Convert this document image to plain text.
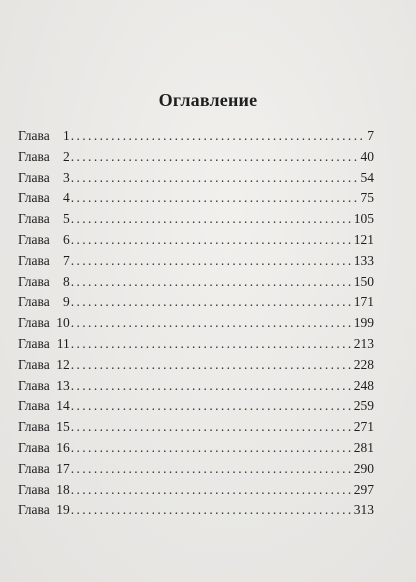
Оглавление
Глава 1 .....	7
Глава 2 .....	40
Глава 3 .....	54
Глава 4 .....	75
Глава 5 .....	105
Глава 6 .....	121
Глава 7 .....	133
Глава 8 .....	150
Глава 9 .....	171
Глава 10 .....	199
Глава 11 .....	213
Глава 12 .....	228
Глава 13 .....	248
Глава 14 .....	259
Глава 15 .....	271
Глава 16 .....	281
Глава 17 .....	290
Глава 18 .....	297
Глава 19 .....	313
